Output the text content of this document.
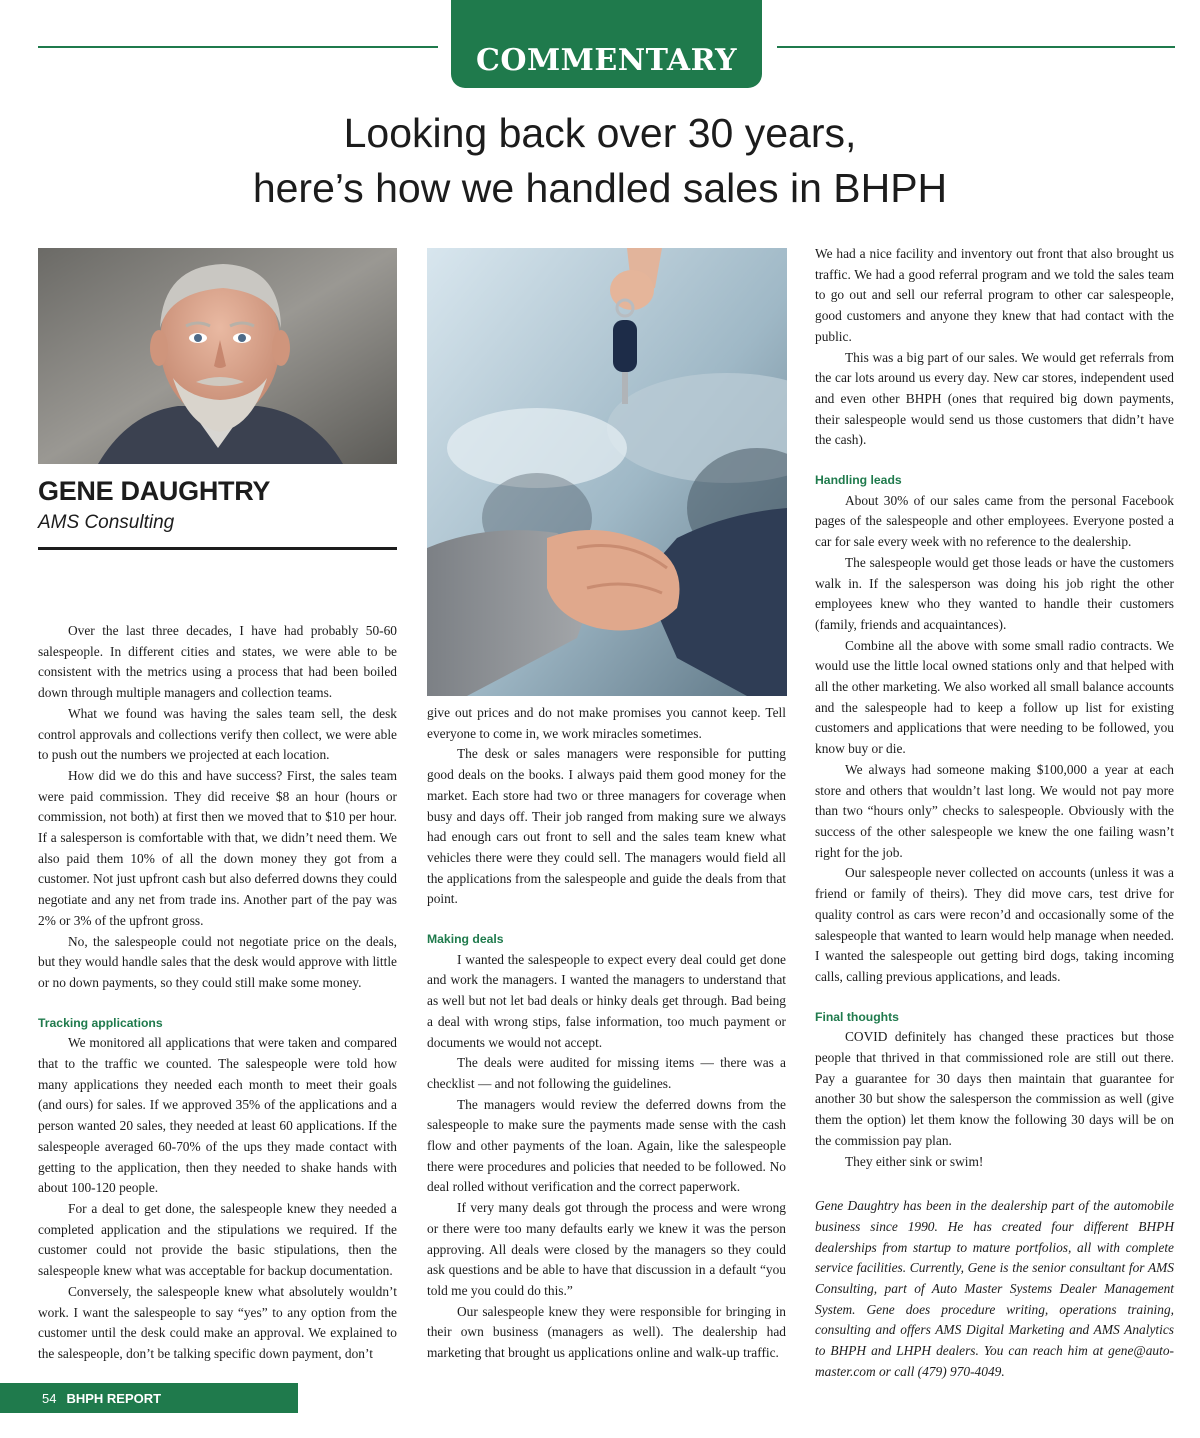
COMMENTARY
Looking back over 30 years,
here’s how we handled sales in BHPH
GENE DAUGHTRY
AMS Consulting

Over the last three decades, I have had probably 50-60 salespeople. In different cities and states, we were able to be consistent with the metrics using a process that had been boiled down through multiple managers and collection teams.

What we found was having the sales team sell, the desk control approvals and collections verify then collect, we were able to push out the numbers we projected at each location.

How did we do this and have success? First, the sales team were paid commission. They did receive $8 an hour (hours or commission, not both) at first then we moved that to $10 per hour. If a salesperson is comfortable with that, we didn’t need them. We also paid them 10% of all the down money they got from a customer. Not just upfront cash but also deferred downs they could negotiate and any net from trade ins. Another part of the pay was 2% or 3% of the upfront gross.

No, the salespeople could not negotiate price on the deals, but they would handle sales that the desk would approve with little or no down payments, so they could still make some money.

Tracking applications

We monitored all applications that were taken and compared that to the traffic we counted. The salespeople were told how many applications they needed each month to meet their goals (and ours) for sales. If we approved 35% of the applications and a person wanted 20 sales, they needed at least 60 applications. If the salespeople averaged 60-70% of the ups they made contact with getting to the application, then they needed to shake hands with about 100-120 people.

For a deal to get done, the salespeople knew they needed a completed application and the stipulations we required. If the customer could not provide the basic stipulations, then the salespeople knew what was acceptable for backup documentation.

Conversely, the salespeople knew what absolutely wouldn’t work. I want the salespeople to say “yes” to any option from the customer until the desk could make an approval. We explained to the salespeople, don’t be talking specific down payment, don’t

give out prices and do not make promises you cannot keep. Tell everyone to come in, we work miracles sometimes.

The desk or sales managers were responsible for putting good deals on the books. I always paid them good money for the market. Each store had two or three managers for coverage when busy and days off. Their job ranged from making sure we always had enough cars out front to sell and the sales team knew what vehicles there were they could sell. The managers would field all the applications from the salespeople and guide the deals from that point.

Making deals

I wanted the salespeople to expect every deal could get done and work the managers. I wanted the managers to understand that as well but not let bad deals or hinky deals get through. Bad being a deal with wrong stips, false information, too much payment or documents we would not accept.

The deals were audited for missing items — there was a checklist — and not following the guidelines.

The managers would review the deferred downs from the salespeople to make sure the payments made sense with the cash flow and other payments of the loan. Again, like the salespeople there were procedures and policies that needed to be followed. No deal rolled without verification and the correct paperwork.

If very many deals got through the process and were wrong or there were too many defaults early we knew it was the person approving. All deals were closed by the managers so they could ask questions and be able to have that discussion in a default “you told me you could do this.”

Our salespeople knew they were responsible for bringing in their own business (managers as well). The dealership had marketing that brought us applications online and walk-up traffic.

We had a nice facility and inventory out front that also brought us traffic. We had a good referral program and we told the sales team to go out and sell our referral program to other car salespeople, good customers and anyone they knew that had contact with the public.

This was a big part of our sales. We would get referrals from the car lots around us every day. New car stores, independent used and even other BHPH (ones that required big down payments, their salespeople would send us those customers that didn’t have the cash).

Handling leads

About 30% of our sales came from the personal Facebook pages of the salespeople and other employees. Everyone posted a car for sale every week with no reference to the dealership.

The salespeople would get those leads or have the customers walk in. If the salesperson was doing his job right the other employees knew who they wanted to handle their customers (family, friends and acquaintances).

Combine all the above with some small radio contracts. We would use the little local owned stations only and that helped with all the other marketing. We also worked all small balance accounts and the salespeople had to keep a follow up list for existing customers and applications that were needing to be followed, you know buy or die.

We always had someone making $100,000 a year at each store and others that wouldn’t last long. We would not pay more than two “hours only” checks to salespeople. Obviously with the success of the other salespeople we knew the one failing wasn’t right for the job.

Our salespeople never collected on accounts (unless it was a friend or family of theirs). They did move cars, test drive for quality control as cars were recon’d and occasionally some of the salespeople that wanted to learn would help manage when needed. I wanted the salespeople out getting bird dogs, taking incoming calls, calling previous applications, and leads.

Final thoughts

COVID definitely has changed these practices but those people that thrived in that commissioned role are still out there. Pay a guarantee for 30 days then maintain that guarantee for another 30 but show the salesperson the commission as well (give them the option) let them know the following 30 days will be on the commission pay plan.

They either sink or swim!

Gene Daughtry has been in the dealership part of the automobile business since 1990. He has created four different BHPH dealerships from startup to mature portfolios, all with complete service facilities. Currently, Gene is the senior consultant for AMS Consulting, part of Auto Master Systems Dealer Management System. Gene does procedure writing, operations training, consulting and offers AMS Digital Marketing and AMS Analytics to BHPH and LHPH dealers. You can reach him at gene@auto-master.com or call (479) 970-4049.

54 BHPH REPORT
